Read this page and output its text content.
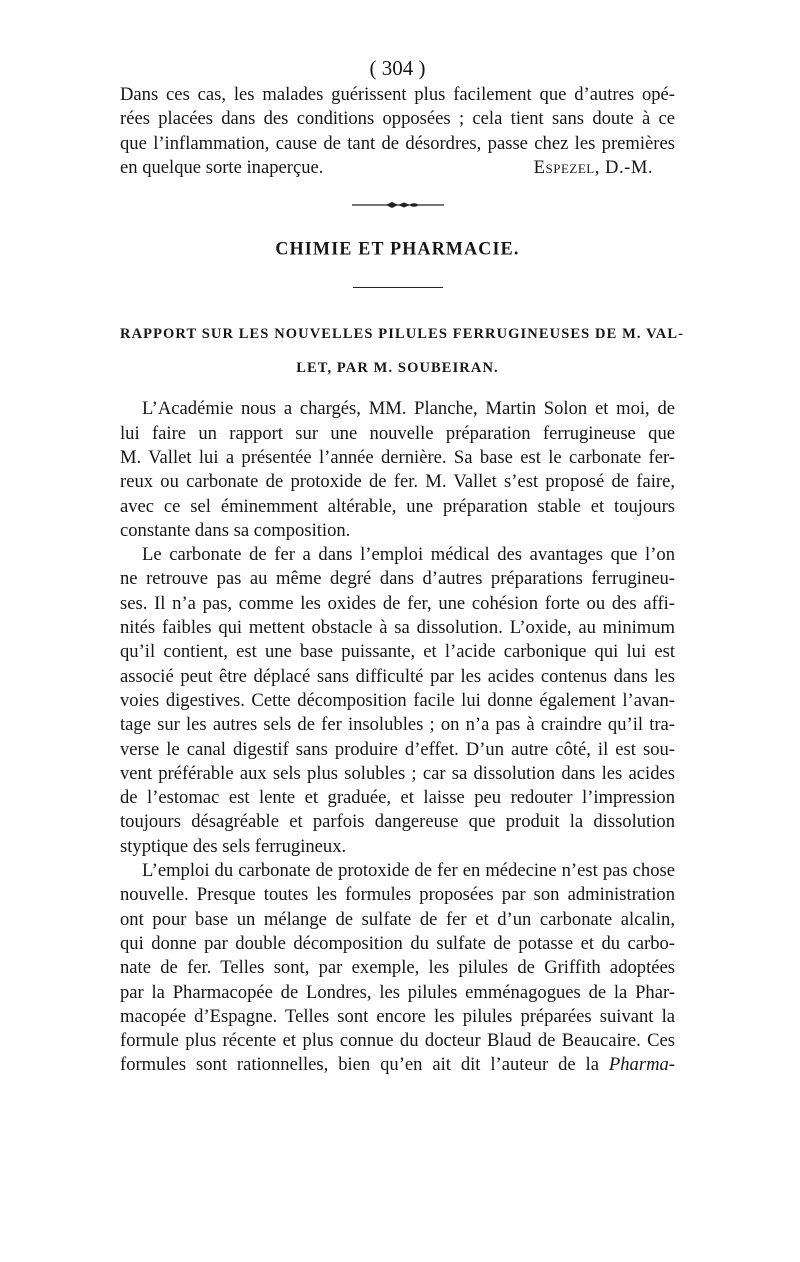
( 304 )
Dans ces cas, les malades guérissent plus facilement que d’autres opé-
rées placées dans des conditions opposées ; cela tient sans doute à ce
que l’inflammation, cause de tant de désordres, passe chez les premières
en quelque sorte inaperçue.	Espezel, D.-M.
CHIMIE ET PHARMACIE.
RAPPORT SUR LES NOUVELLES PILULES FERRUGINEUSES DE M. VAL-
LET, PAR M. SOUBEIRAN.
L’Académie nous a chargés, MM. Planche, Martin Solon et moi, de
lui faire un rapport sur une nouvelle préparation ferrugineuse que
M. Vallet lui a présentée l’année dernière. Sa base est le carbonate fer-
reux ou carbonate de protoxide de fer. M. Vallet s’est proposé de faire,
avec ce sel éminemment altérable, une préparation stable et toujours
constante dans sa composition.
Le carbonate de fer a dans l’emploi médical des avantages que l’on
ne retrouve pas au même degré dans d’autres préparations ferrugineu-
ses. Il n’a pas, comme les oxides de fer, une cohésion forte ou des affi-
nités faibles qui mettent obstacle à sa dissolution. L’oxide, au minimum
qu’il contient, est une base puissante, et l’acide carbonique qui lui est
associé peut être déplacé sans difficulté par les acides contenus dans les
voies digestives. Cette décomposition facile lui donne également l’avan-
tage sur les autres sels de fer insolubles ; on n’a pas à craindre qu’il tra-
verse le canal digestif sans produire d’effet. D’un autre côté, il est sou-
vent préférable aux sels plus solubles ; car sa dissolution dans les acides
de l’estomac est lente et graduée, et laisse peu redouter l’impression
toujours désagréable et parfois dangereuse que produit la dissolution
styptique des sels ferrugineux.
L’emploi du carbonate de protoxide de fer en médecine n’est pas chose
nouvelle. Presque toutes les formules proposées par son administration
ont pour base un mélange de sulfate de fer et d’un carbonate alcalin,
qui donne par double décomposition du sulfate de potasse et du carbo-
nate de fer. Telles sont, par exemple, les pilules de Griffith adoptées
par la Pharmacopée de Londres, les pilules emménagogues de la Phar-
macopée d’Espagne. Telles sont encore les pilules préparées suivant la
formule plus récente et plus connue du docteur Blaud de Beaucaire. Ces
formules sont rationnelles, bien qu’en ait dit l’auteur de la Pharma-
